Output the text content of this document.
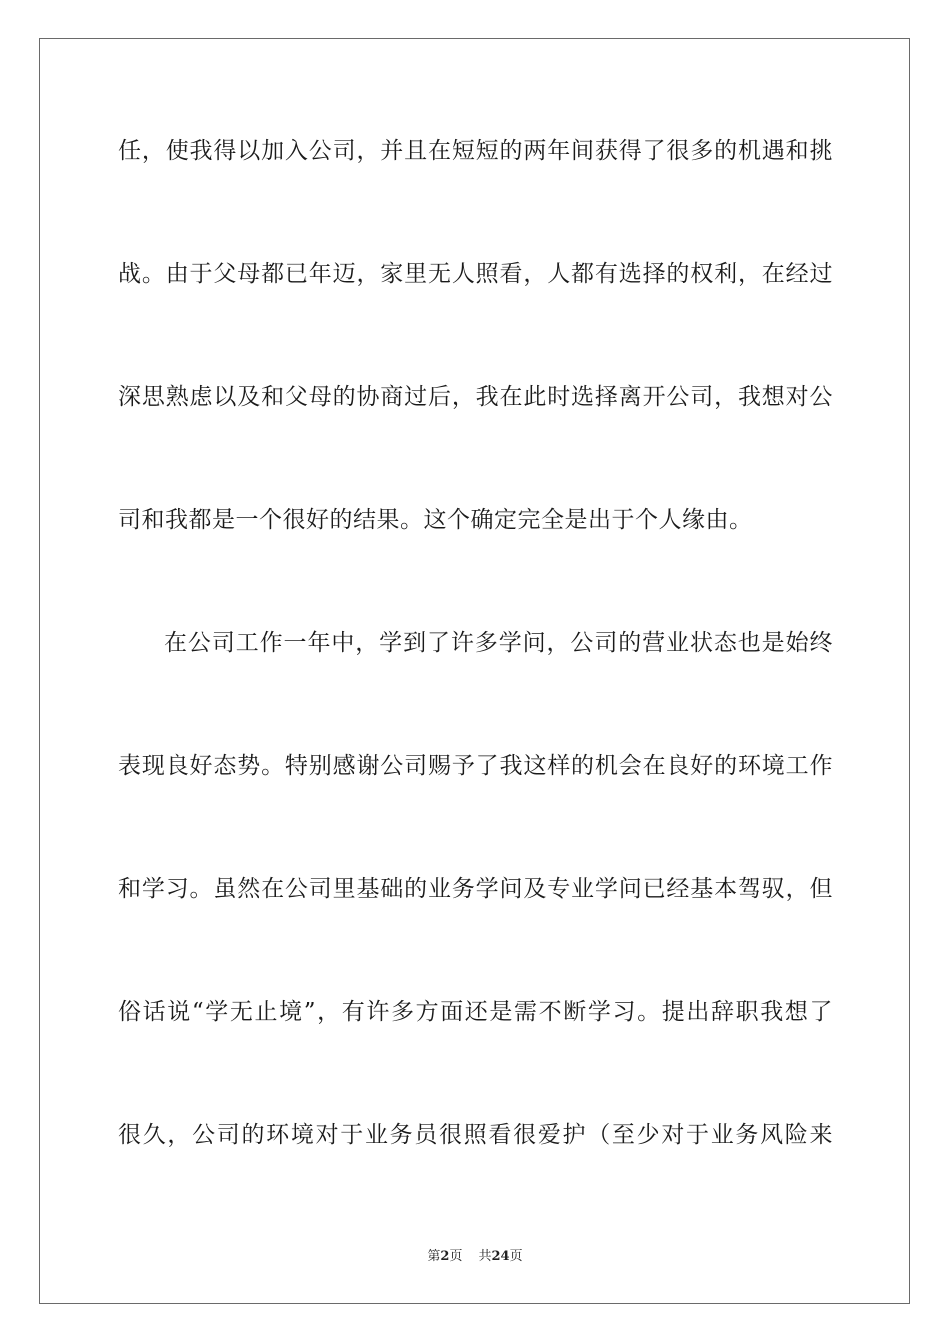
任，使我得以加入公司，并且在短短的两年间获得了很多的机遇和挑
战。由于父母都已年迈，家里无人照看，人都有选择的权利，在经过
深思熟虑以及和父母的协商过后，我在此时选择离开公司，我想对公
司和我都是一个很好的结果。这个确定完全是出于个人缘由。
在公司工作一年中，学到了许多学问，公司的营业状态也是始终
表现良好态势。特别感谢公司赐予了我这样的机会在良好的环境工作
和学习。虽然在公司里基础的业务学问及专业学问已经基本驾驭，但
俗话说“学无止境”，有许多方面还是需不断学习。提出辞职我想了
很久，公司的环境对于业务员很照看很爱护（至少对于业务风险来
第2页 共24页
